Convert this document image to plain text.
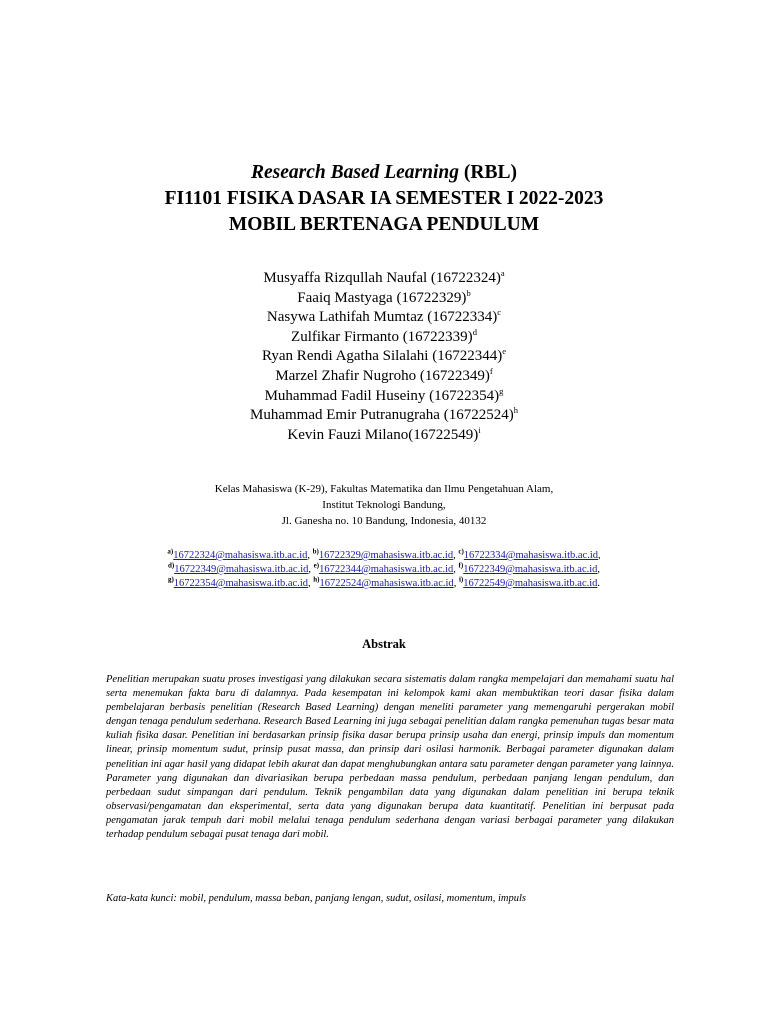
Research Based Learning (RBL)
FI1101 FISIKA DASAR IA SEMESTER I 2022-2023
MOBIL BERTENAGA PENDULUM
Musyaffa Rizqullah Naufal $(16722324)^a$
Faaiq Mastyaga $(16722329)^b$
Nasywa Lathifah Mumtaz $(16722334)^c$
Zulfikar Firmanto $(16722339)^d$
Ryan Rendi Agatha Silalahi $(16722344)^e$
Marzel Zhafir Nugroho $(16722349)^f$
Muhammad Fadil Huseiny $(16722354)^g$
Muhammad Emir Putranugraha $(16722524)^h$
Kevin Fauzi $Milano(16722549)^i$
Kelas Mahasiswa (K-29), Fakultas Matematika dan Ilmu Pengetahuan Alam,
Institut Teknologi Bandung,
Jl. Ganesha no. 10 Bandung, Indonesia, 40132
$^{a)}$16722324@mahasiswa.itb.ac.id, $^{b)}$16722329@mahasiswa.itb.ac.id, $^{c)}$16722334@mahasiswa.itb.ac.id,
$^{d)}$16722349@mahasiswa.itb.ac.id, $^{e)}$16722344@mahasiswa.itb.ac.id, $^{f)}$16722349@mahasiswa.itb.ac.id,
$^{g)}$16722354@mahasiswa.itb.ac.id, $^{h)}$16722524@mahasiswa.itb.ac.id, $^{i)}$16722549@mahasiswa.itb.ac.id.
Abstrak
Penelitian merupakan suatu proses investigasi yang dilakukan secara sistematis dalam rangka mempelajari dan memahami suatu hal serta menemukan fakta baru di dalamnya. Pada kesempatan ini kelompok kami akan membuktikan teori dasar fisika dalam pembelajaran berbasis penelitian (Research Based Learning) dengan meneliti parameter yang memengaruhi pergerakan mobil dengan tenaga pendulum sederhana. Research Based Learning ini juga sebagai penelitian dalam rangka pemenuhan tugas besar mata kuliah fisika dasar. Penelitian ini berdasarkan prinsip fisika dasar berupa prinsip usaha dan energi, prinsip impuls dan momentum linear, prinsip momentum sudut, prinsip pusat massa, dan prinsip dari osilasi harmonik. Berbagai parameter digunakan dalam penelitian ini agar hasil yang didapat lebih akurat dan dapat menghubungkan antara satu parameter dengan parameter yang lainnya. Parameter yang digunakan dan divariasikan berupa perbedaan massa pendulum, perbedaan panjang lengan pendulum, dan perbedaan sudut simpangan dari pendulum. Teknik pengambilan data yang digunakan dalam penelitian ini berupa teknik observasi/pengamatan dan eksperimental, serta data yang digunakan berupa data kuantitatif. Penelitian ini berpusat pada pengamatan jarak tempuh dari mobil melalui tenaga pendulum sederhana dengan variasi berbagai parameter yang dilakukan terhadap pendulum sebagai pusat tenaga dari mobil.
Kata-kata kunci: mobil, pendulum, massa beban, panjang lengan, sudut, osilasi, momentum, impuls
